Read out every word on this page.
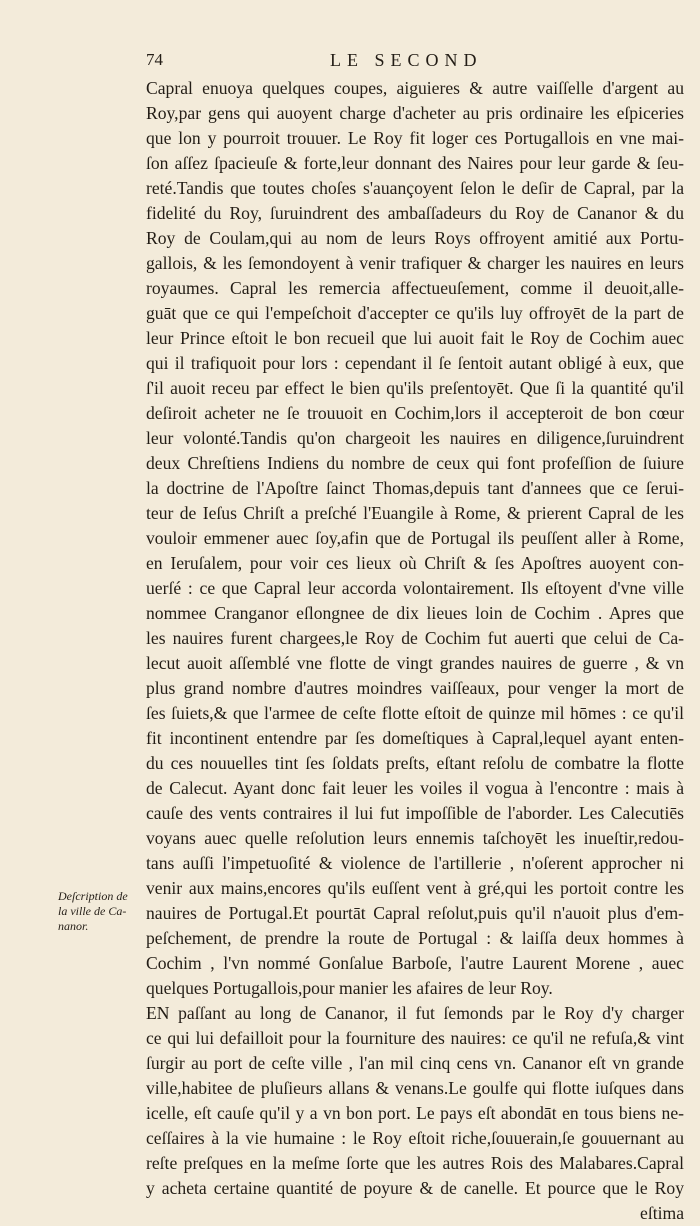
74	LE SECOND
Deſcription de
la ville de Ca-
nanor.
Capral enuoya quelques coupes, aiguieres & autre vaiſſelle d'argent au
Roy,par gens qui auoyent charge d'acheter au pris ordinaire les eſpiceries
que lon y pourroit trouuer. Le Roy fit loger ces Portugallois en vne mai-
ſon aſſez ſpacieuſe & forte,leur donnant des Naires pour leur garde & ſeu-
reté.Tandis que toutes choſes s'auançoyent ſelon le deſir de Capral, par la
fidelité du Roy, ſuruindrent des ambaſſadeurs du Roy de Cananor & du
Roy de Coulam,qui au nom de leurs Roys offroyent amitié aux Portu-
gallois, & les ſemondoyent à venir trafiquer & charger les nauires en leurs
royaumes. Capral les remercia affectueuſement, comme il deuoit,alle-
guāt que ce qui l'empeſchoit d'accepter ce qu'ils luy offroyēt de la part de
leur Prince eſtoit le bon recueil que lui auoit fait le Roy de Cochim auec
qui il trafiquoit pour lors : cependant il ſe ſentoit autant obligé à eux, que
ſ'il auoit receu par effect le bien qu'ils preſentoyēt. Que ſi la quantité qu'il
deſiroit acheter ne ſe trouuoit en Cochim,lors il accepteroit de bon cœur
leur volonté.Tandis qu'on chargeoit les nauires en diligence,ſuruindrent
deux Chreſtiens Indiens du nombre de ceux qui font profeſſion de ſuiure
la doctrine de l'Apoſtre ſainct Thomas,depuis tant d'annees que ce ſerui-
teur de Ieſus Chriſt a preſché l'Euangile à Rome, & prierent Capral de les
vouloir emmener auec ſoy,afin que de Portugal ils peuſſent aller à Rome,
en Ieruſalem, pour voir ces lieux où Chriſt & ſes Apoſtres auoyent con-
uerſé : ce que Capral leur accorda volontairement. Ils eſtoyent d'vne ville
nommee Cranganor eſlongnee de dix lieues loin de Cochim . Apres que
les nauires furent chargees,le Roy de Cochim fut auerti que celui de Ca-
lecut auoit aſſemblé vne flotte de vingt grandes nauires de guerre , & vn
plus grand nombre d'autres moindres vaiſſeaux, pour venger la mort de
ſes ſuiets,& que l'armee de ceſte flotte eſtoit de quinze mil hōmes : ce qu'il
fit incontinent entendre par ſes domeſtiques à Capral,lequel ayant enten-
du ces nouuelles tint ſes ſoldats preſts, eſtant reſolu de combatre la flotte
de Calecut. Ayant donc fait leuer les voiles il vogua à l'encontre : mais à
cauſe des vents contraires il lui fut impoſſible de l'aborder. Les Calecutiēs
voyans auec quelle reſolution leurs ennemis taſchoyēt les inueſtir,redou-
tans auſſi l'impetuoſité & violence de l'artillerie , n'oſerent approcher ni
venir aux mains,encores qu'ils euſſent vent à gré,qui les portoit contre les
nauires de Portugal.Et pourtāt Capral reſolut,puis qu'il n'auoit plus d'em-
peſchement, de prendre la route de Portugal : & laiſſa deux hommes à
Cochim , l'vn nommé Gonſalue Barboſe, l'autre Laurent Morene , auec
quelques Portugallois,pour manier les afaires de leur Roy.
EN paſſant au long de Cananor, il fut ſemonds par le Roy d'y charger
ce qui lui defailloit pour la fourniture des nauires: ce qu'il ne refuſa,& vint
ſurgir au port de ceſte ville , l'an mil cinq cens vn. Cananor eſt vn grande
ville,habitee de pluſieurs allans & venans.Le goulfe qui flotte iuſques dans
icelle, eſt cauſe qu'il y a vn bon port. Le pays eſt abondāt en tous biens ne-
ceſſaires à la vie humaine : le Roy eſtoit riche,ſouuerain,ſe gouuernant au
reſte preſques en la meſme ſorte que les autres Rois des Malabares.Capral
y acheta certaine quantité de poyure & de canelle. Et pource que le Roy
eſtima
